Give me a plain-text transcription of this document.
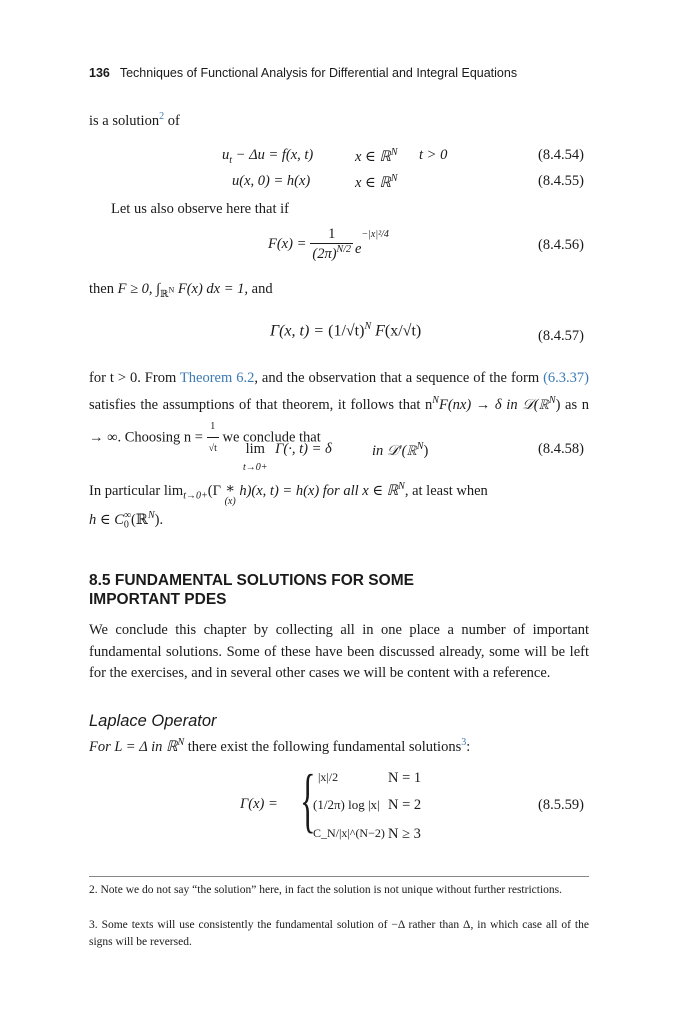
136 Techniques of Functional Analysis for Differential and Integral Equations
is a solution$^2$ of
$u_t - \Delta u = f(x$, t)	x ∈ ℝ$^N$ t > 0	(8.4.54)
u(x, 0) = h(x)	x ∈ ℝ$^N$	(8.4.55)
Let us also observe here that if
$F(x) = \frac{1}{(2\pi)^{N/2}} e^{-|x|^2/4}$
(8.4.56)
then F ≥ 0, $\int_{ℝ^N}$ F(x) dx = 1, and
Γ(x, $t) = (1/√t)^N$ F(x/√t)	(8.4.57)
for t > 0. From Theorem 6.2, and the observation that a sequence of the form (6.3.37) satisfies the assumptions of that theorem, it follows that $n^NF(nx) \to \delta$ in 𝒟(ℝ$^N$) as n → ∞. Choosing $n = \frac{1}{√t}$ we conclude that
lim
t→0+ Γ(·, t) = δ	in 𝒟′(ℝ$^N$)	(8.4.58)
In particular $\lim_{t\to 0+}(\Gamma$ ∗
$^{(x)}$ h)(x, t) = h(x) for all x ∈ ℝ$^N$, at least when
h ∈ $C_0^\infty(ℝ^N)$.
8.5 FUNDAMENTAL SOLUTIONS FOR SOME
IMPORTANT PDES
We conclude this chapter by collecting all in one place a number of important fundamental solutions. Some of these have been discussed already, some will be left for the exercises, and in several other cases we will be content with a reference.
Laplace Operator
For L = Δ in ℝ$^N$ there exist the following fundamental solutions$^3$:
Γ(x) = { |x|/2	N = 1
(1/2π) log |x| N = 2
C_N/|x|^(N−2) N ≥ 3
(8.5.59)
2. Note we do not say “the solution” here, in fact the solution is not unique without further restrictions.
3. Some texts will use consistently the fundamental solution of −Δ rather than Δ, in which case all of the signs will be reversed.
